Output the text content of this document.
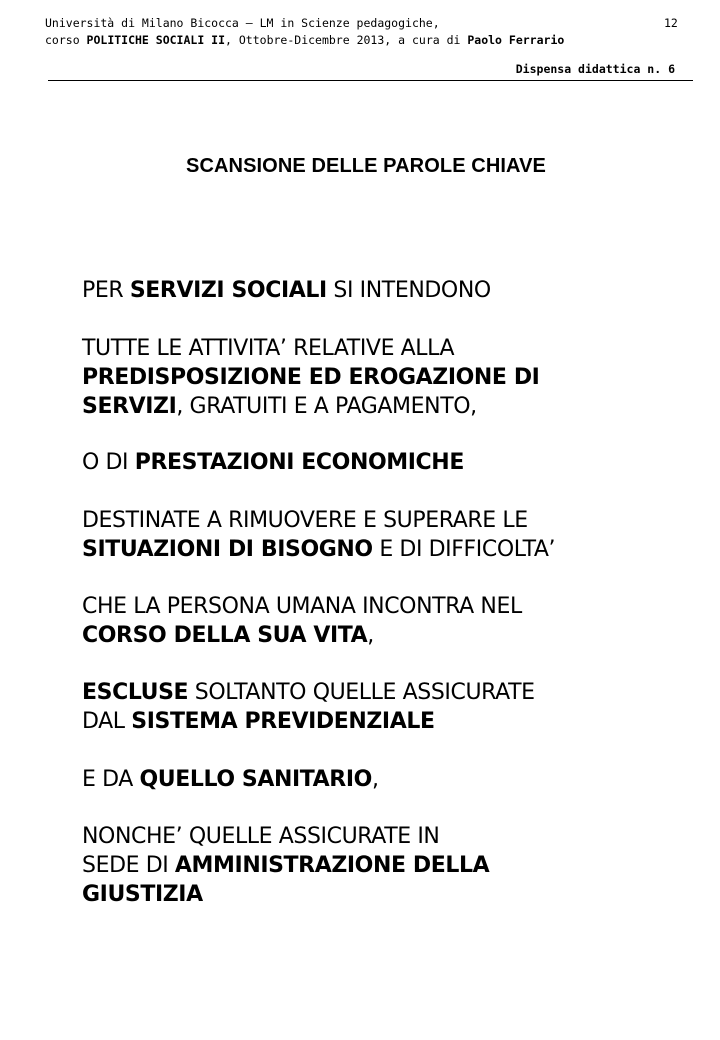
Università di Milano Bicocca – LM in Scienze pedagogiche,
corso POLITICHE SOCIALI II, Ottobre-Dicembre 2013, a cura di Paolo Ferrario
12
Dispensa didattica n. 6
SCANSIONE DELLE PAROLE CHIAVE
PER SERVIZI SOCIALI SI INTENDONO
TUTTE LE ATTIVITA’ RELATIVE ALLA
PREDISPOSIZIONE ED EROGAZIONE DI
SERVIZI, GRATUITI E A PAGAMENTO,
O DI PRESTAZIONI ECONOMICHE
DESTINATE A RIMUOVERE E SUPERARE LE
SITUAZIONI DI BISOGNO E DI DIFFICOLTA’
CHE LA PERSONA UMANA INCONTRA NEL
CORSO DELLA SUA VITA,
ESCLUSE SOLTANTO QUELLE ASSICURATE
DAL SISTEMA PREVIDENZIALE
E DA QUELLO SANITARIO,
NONCHE’ QUELLE ASSICURATE IN
SEDE DI AMMINISTRAZIONE DELLA
GIUSTIZIA
